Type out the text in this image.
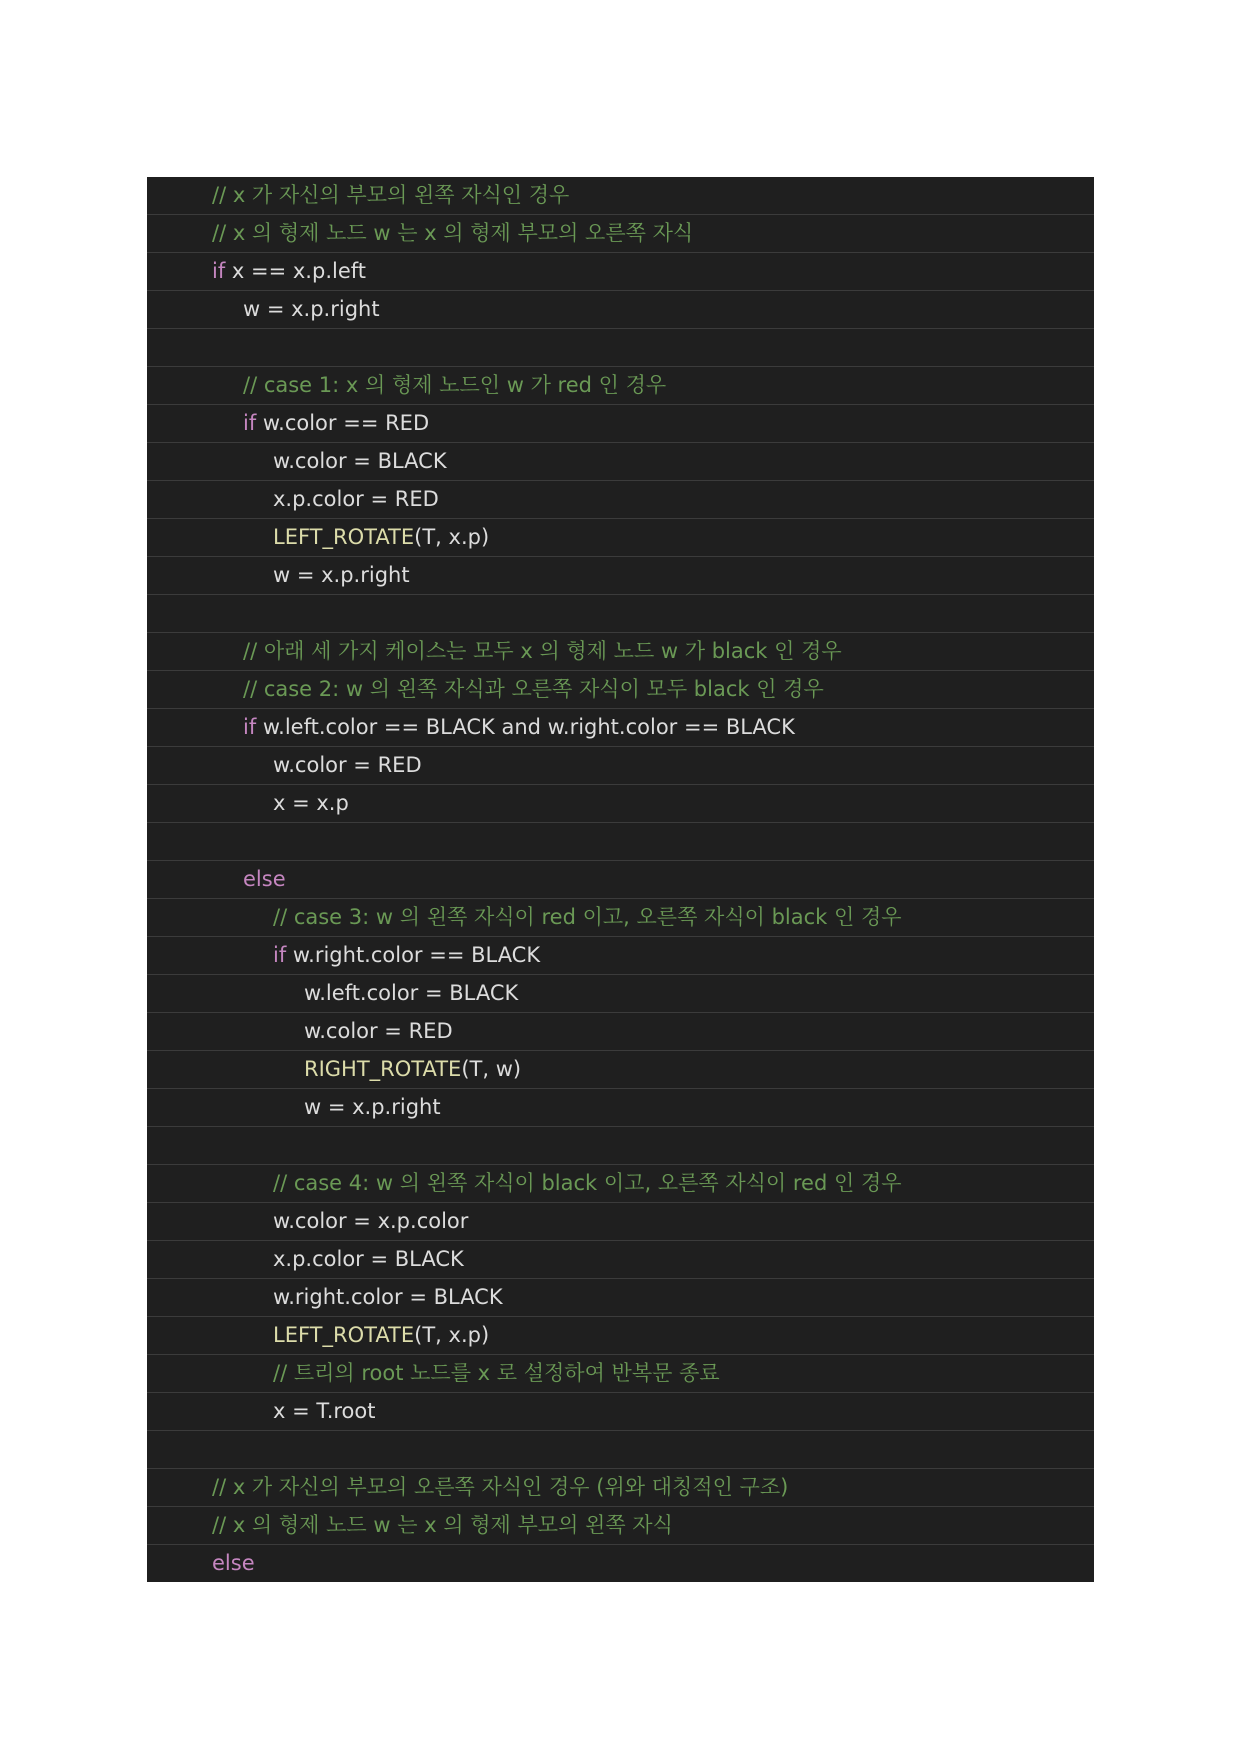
// x 가 자신의 부모의 왼쪽 자식인 경우
// x 의 형제 노드 w 는 x 의 형제 부모의 오른쪽 자식
if x == x.p.left
w = x.p.right
// case 1: x 의 형제 노드인 w 가 red 인 경우
if w.color == RED
w.color = BLACK
x.p.color = RED
LEFT_ROTATE(T, x.p)
w = x.p.right
// 아래 세 가지 케이스는 모두 x 의 형제 노드 w 가 black 인 경우
// case 2: w 의 왼쪽 자식과 오른쪽 자식이 모두 black 인 경우
if w.left.color == BLACK and w.right.color == BLACK
w.color = RED
x = x.p
else
// case 3: w 의 왼쪽 자식이 red 이고, 오른쪽 자식이 black 인 경우
if w.right.color == BLACK
w.left.color = BLACK
w.color = RED
RIGHT_ROTATE(T, w)
w = x.p.right
// case 4: w 의 왼쪽 자식이 black 이고, 오른쪽 자식이 red 인 경우
w.color = x.p.color
x.p.color = BLACK
w.right.color = BLACK
LEFT_ROTATE(T, x.p)
// 트리의 root 노드를 x 로 설정하여 반복문 종료
x = T.root
// x 가 자신의 부모의 오른쪽 자식인 경우 (위와 대칭적인 구조)
// x 의 형제 노드 w 는 x 의 형제 부모의 왼쪽 자식
else
